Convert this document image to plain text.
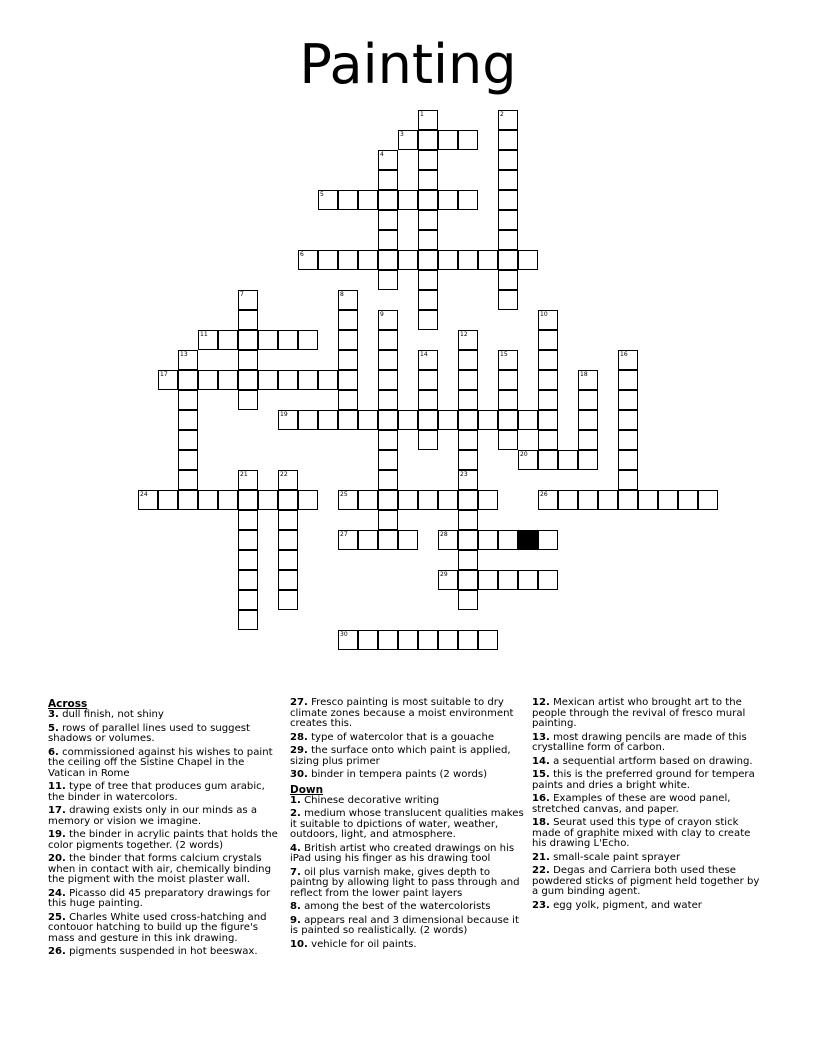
Painting
1	2
3
4
5
6
7	8
9	10
11	12
23
13	14	15	16
17	18
19
20
21	22
24	25	26
27	28
29
30
Across
3. dull finish, not shiny
5. rows of parallel lines used to suggest shadows or volumes.
6. commissioned against his wishes to paint the ceiling off the Sistine Chapel in the Vatican in Rome
11. type of tree that produces gum arabic, the binder in watercolors.
17. drawing exists only in our minds as a memory or vision we imagine.
19. the binder in acrylic paints that holds the color pigments together. (2 words)
20. the binder that forms calcium crystals when in contact with air, chemically binding the pigment with the moist plaster wall.
24. Picasso did 45 preparatory drawings for this huge painting.
25. Charles White used cross-hatching and contouor hatching to build up the figure's mass and gesture in this ink drawing.
26. pigments suspended in hot beeswax.
27. Fresco painting is most suitable to dry climate zones because a moist environment creates this.
28. type of watercolor that is a gouache
29. the surface onto which paint is applied, sizing plus primer
30. binder in tempera paints (2 words)
Down
1. Chinese decorative writing
2. medium whose translucent qualities makes it suitable to dpictions of water, weather, outdoors, light, and atmosphere.
4. British artist who created drawings on his iPad using his finger as his drawing tool
7. oil plus varnish make, gives depth to paintng by allowing light to pass through and reflect from the lower paint layers
8. among the best of the watercolorists
9. appears real and 3 dimensional because it is painted so realistically. (2 words)
10. vehicle for oil paints.
12. Mexican artist who brought art to the people through the revival of fresco mural painting.
13. most drawing pencils are made of this crystalline form of carbon.
14. a sequential artform based on drawing.
15. this is the preferred ground for tempera paints and dries a bright white.
16. Examples of these are wood panel, stretched canvas, and paper.
18. Seurat used this type of crayon stick made of graphite mixed with clay to create his drawing L'Echo.
21. small-scale paint sprayer
22. Degas and Carriera both used these powdered sticks of pigment held together by a gum binding agent.
23. egg yolk, pigment, and water
